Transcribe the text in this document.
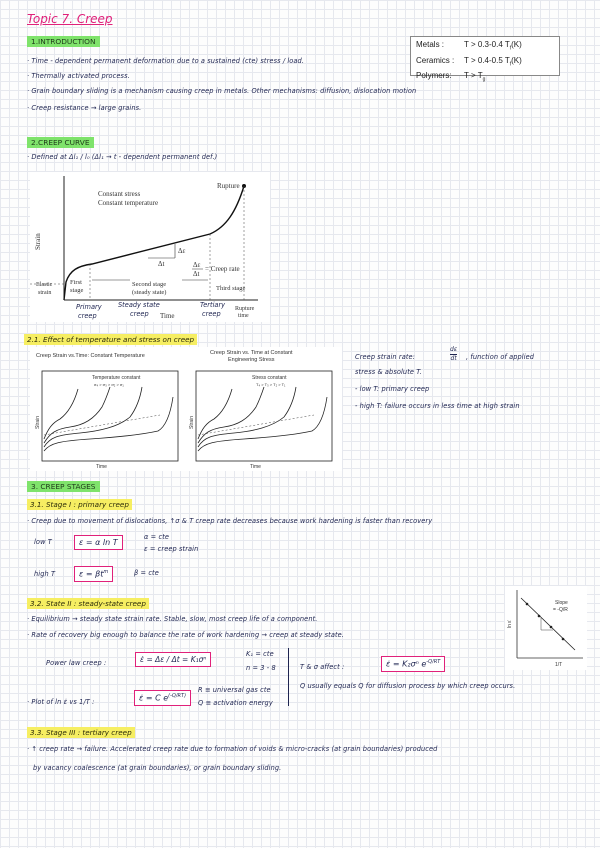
Topic 7. Creep
Metals : T > 0.3-0.4 $T_f(K)$
Ceramics : T > 0.4-0.5 $T_f(K)$
Polymers: $T > T_g$
1.INTRODUCTION
· Time - dependent permanent deformation due to a sustained (cte) stress / load.
· Thermally activated process.
· Grain boundary sliding is a mechanism causing creep in metals. Other mechanisms: diffusion, dislocation motion
· Creep resistance → large grains.
2.CREEP CURVE
· Defined at Δl₁ / l₀ (Δl₁ → t - dependent permanent def.)
Rupture
Constant stress
Constant temperature
Strain
Δε
Δt	Δε
Δt
= Creep rate
Elastic
strain
First
stage
Second stage
(steady state)
Third stage
Time
Rupture
time
Primary
creep
Steady state
creep
Tertiary
creep
2.1. Effect of temperature and stress on creep
Creep Strain vs.Time: Constant Temperature	Creep Strain vs. Time at Constant
Engineering Stress
Temperature constant
σ₄ > σ₃ > σ₂ > σ₁
Strain
Time
Stress constant
T₄ > T₃ > T₂ > T₁
Strain
Time
Creep strain rate:	$\frac{d\varepsilon}{dt}$ , function of applied
stress & absolute T.
- low T: primary creep
- high T: failure occurs in less time at high strain
3. CREEP STAGES
3.1. Stage I : primary creep
· Creep due to movement of dislocations, ↑σ & T creep rate decreases because work hardening is faster than recovery
low T	ε = α ln T
α = cte
ε = creep strain
high T	$\varepsilon = \beta t^m$	β = cte
3.2. State II : steady-state creep
· Equilibrium → steady state strain rate. Stable, slow, most creep life of a component.
· Rate of recovery big enough to balance the rate of work hardening → creep at steady state.
ln ε̇
1/T
Slope
= -Q/R
Power law creep :	ε̇ = Δε / Δt = K₁σⁿ
K₁ = cte
n = 3 - 8	T & σ affect :	ε̇ = K₂σⁿ $e^{-Q/RT}$
Q usually equals Q for diffusion process by which creep occurs.
· Plot of ln ε̇ vs 1/T :	ε̇ = C $e^{(-Q/RT)}$
R ≡ universal gas cte
Q ≡ activation energy
3.3. Stage III : tertiary creep
· ↑ creep rate → failure. Accelerated creep rate due to formation of voids & micro-cracks (at grain boundaries) produced
by vacancy coalescence (at grain boundaries), or grain boundary sliding.
